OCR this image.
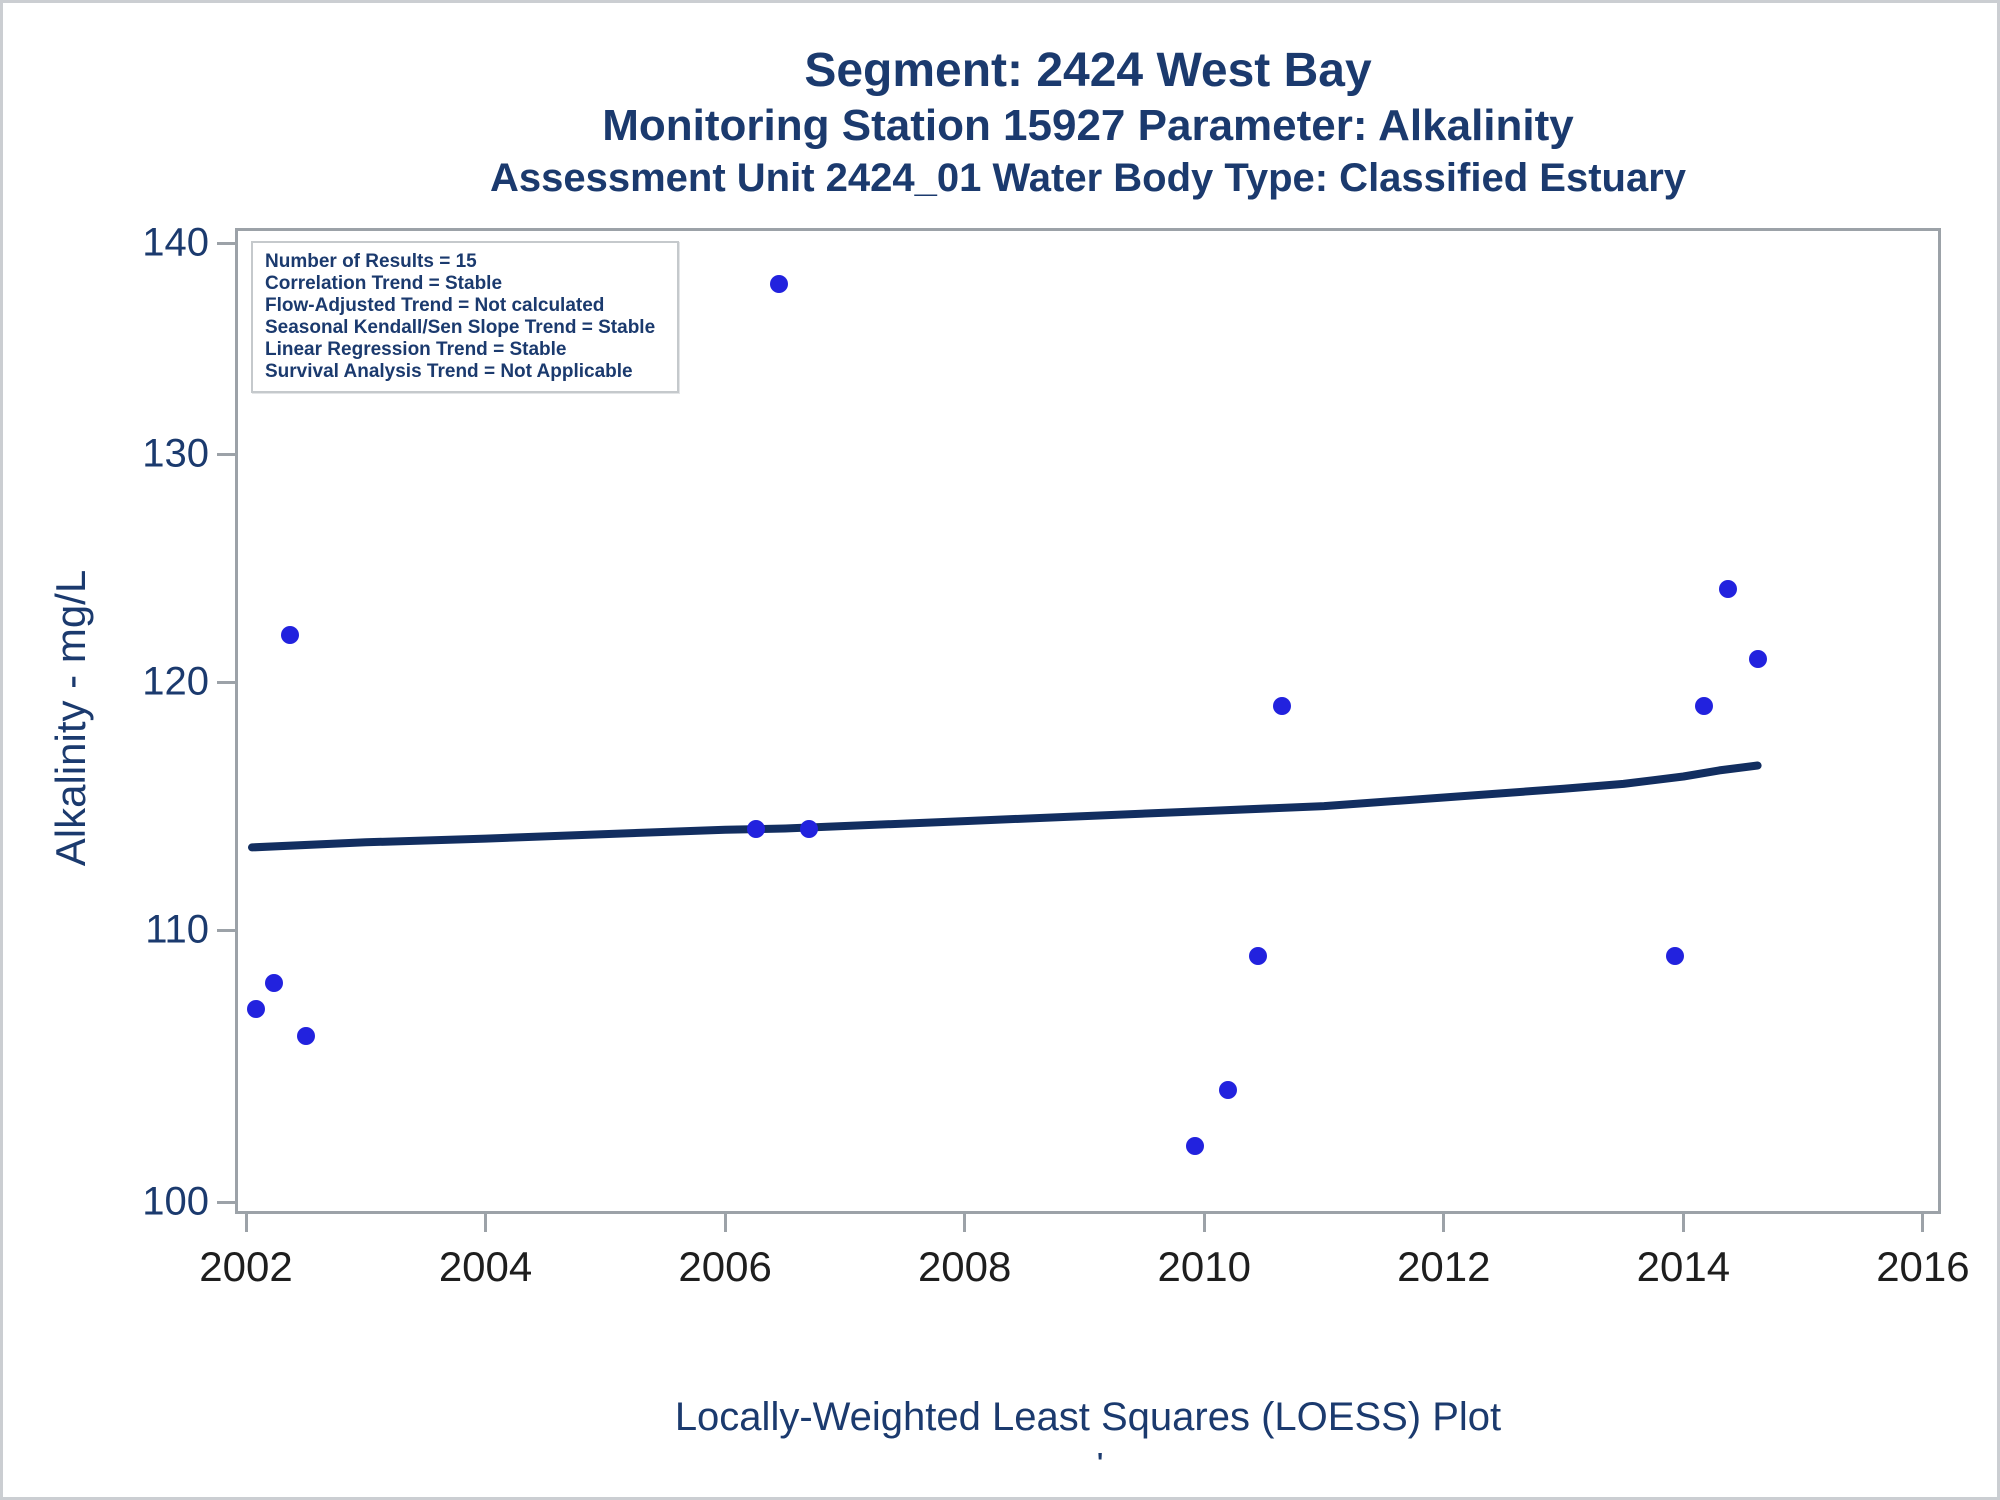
Segment: 2424 West Bay
Monitoring Station 15927 Parameter: Alkalinity
Assessment Unit 2424_01 Water Body Type: Classified Estuary
100
110
120
130
140
2002	2004	2006	2008	2010	2012	2014	2016
Number of Results = 15
Correlation Trend = Stable
Flow-Adjusted Trend = Not calculated
Seasonal Kendall/Sen Slope Trend = Stable
Linear Regression Trend = Stable
Survival Analysis Trend = Not Applicable
Alkalinity - mg/L
Locally-Weighted Least Squares (LOESS) Plot
'
